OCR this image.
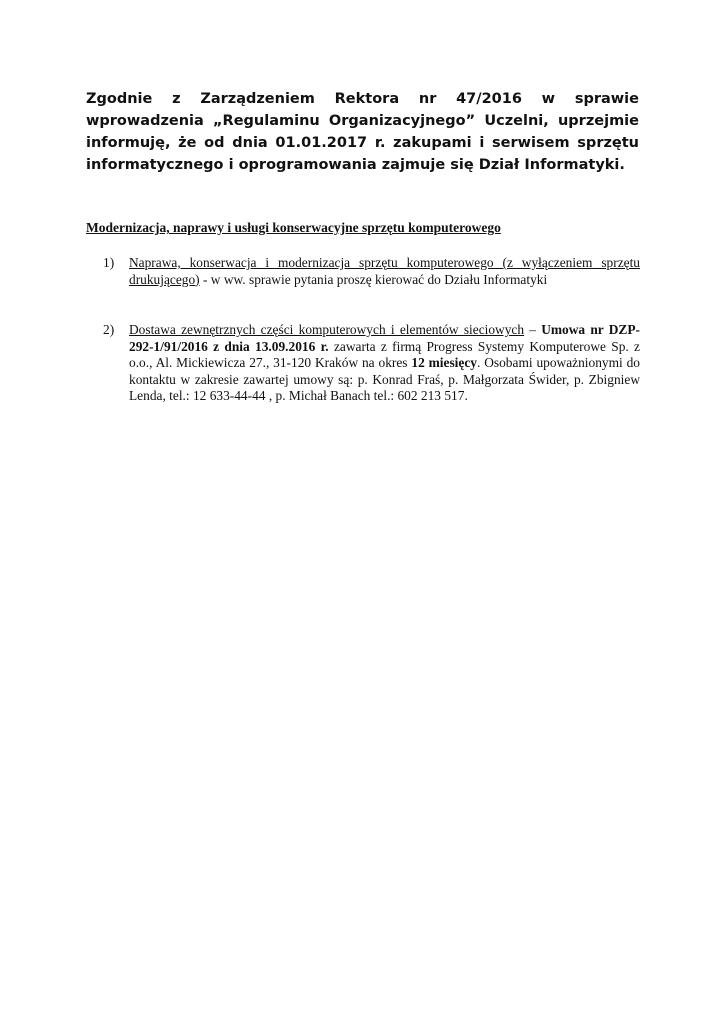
Zgodnie z Zarządzeniem Rektora nr 47/2016 w sprawie wprowadzenia „Regulaminu Organizacyjnego” Uczelni, uprzejmie informuję, że od dnia 01.01.2017 r. zakupami i serwisem sprzętu informatycznego i oprogramowania zajmuje się Dział Informatyki.

Modernizacja, naprawy i usługi konserwacyjne sprzętu komputerowego

1) Naprawa, konserwacja i modernizacja sprzętu komputerowego (z wyłączeniem sprzętu drukującego) - w ww. sprawie pytania proszę kierować do Działu Informatyki
2) Dostawa zewnętrznych części komputerowych i elementów sieciowych – Umowa nr DZP-292-1/91/2016 z dnia 13.09.2016 r. zawarta z firmą Progress Systemy Komputerowe Sp. z o.o., Al. Mickiewicza 27., 31-120 Kraków na okres 12 miesięcy. Osobami upoważnionymi do kontaktu w zakresie zawartej umowy są: p. Konrad Fraś, p. Małgorzata Świder, p. Zbigniew Lenda, tel.: 12 633-44-44 , p. Michał Banach tel.: 602 213 517.
